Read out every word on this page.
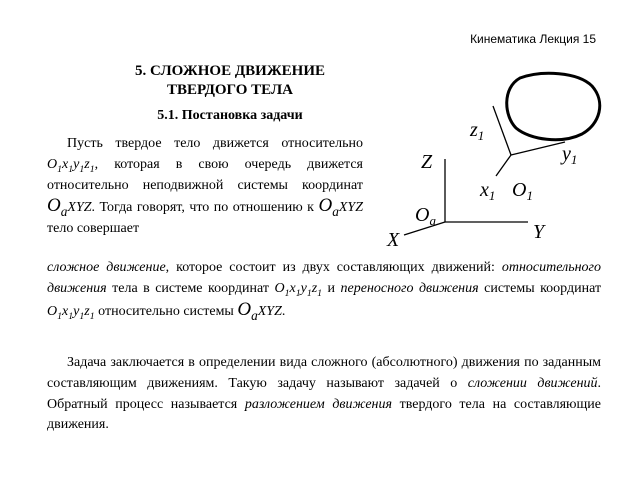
Кинематика Лекция 15
5. СЛОЖНОЕ ДВИЖЕНИЕ
ТВЕРДОГО ТЕЛА
5.1. Постановка задачи
Пусть твердое тело движется относительно $O_1x_1y_1z_1$, которая в свою очередь движется относительно неподвижной системы координат $O_aXYZ$. Тогда говорят, что по отношению к $O_aXYZ$ тело совершает
сложное движение, которое состоит из двух составляющих движений: относительного движения тела в системе координат $O_1x_1y_1z_1$ и переносного движения системы координат $O_1x_1y_1z_1$ относительно системы $O_aXYZ$.
Задача заключается в определении вида сложного (абсолютного) движения по заданным составляющим движениям. Такую задачу называют задачей о сложении движений. Обратный процесс называется разложением движения твердого тела на составляющие движения.
$z_1$
$y_1$
$x_1$ $O_1$
Z
Y
X
$O_a$
